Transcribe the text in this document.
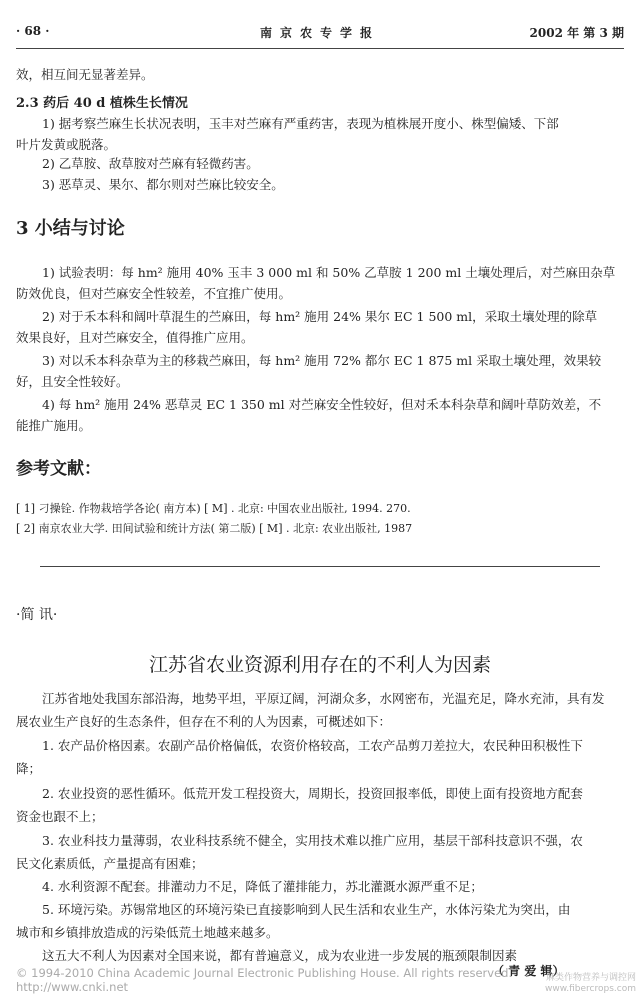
· 68 ·	南京农专学报	2002 年 第 3 期
效，相互间无显著差异。
2.3 药后 40 d 植株生长情况
1) 据考察苎麻生长状况表明，玉丰对苎麻有严重药害，表现为植株展开度小、株型偏矮、下部
叶片发黄或脱落。
2) 乙草胺、敌草胺对苎麻有轻微药害。
3) 恶草灵、果尔、都尔则对苎麻比较安全。
3 小结与讨论
1) 试验表明：每 hm² 施用 40% 玉丰 3 000 ml 和 50% 乙草胺 1 200 ml 土壤处理后，对苎麻田杂草
防效优良，但对苎麻安全性较差，不宜推广使用。
2) 对于禾本科和阔叶草混生的苎麻田，每 hm² 施用 24% 果尔 EC 1 500 ml，采取土壤处理的除草
效果良好，且对苎麻安全，值得推广应用。
3) 对以禾本科杂草为主的移栽苎麻田，每 hm² 施用 72% 都尔 EC 1 875 ml 采取土壤处理，效果较
好，且安全性较好。
4) 每 hm² 施用 24% 恶草灵 EC 1 350 ml 对苎麻安全性较好，但对禾本科杂草和阔叶草防效差，不
能推广施用。
参考文献：
[ 1] 刁操铨. 作物栽培学各论( 南方本) [ M] . 北京: 中国农业出版社, 1994. 270.
[ 2] 南京农业大学. 田间试验和统计方法( 第二版) [ M] . 北京: 农业出版社, 1987
·简 讯·
江苏省农业资源利用存在的不利人为因素
江苏省地处我国东部沿海，地势平坦，平原辽阔，河湖众多，水网密布，光温充足，降水充沛，具有发
展农业生产良好的生态条件，但存在不利的人为因素，可概述如下：
1. 农产品价格因素。农副产品价格偏低，农资价格较高，工农产品剪刀差拉大，农民种田积极性下
降；
2. 农业投资的恶性循环。低荒开发工程投资大，周期长，投资回报率低，即使上面有投资地方配套
资金也跟不上；
3. 农业科技力量薄弱，农业科技系统不健全，实用技术难以推广应用，基层干部科技意识不强，农
民文化素质低，产量提高有困难；
4. 水利资源不配套。排灌动力不足，降低了灌排能力，苏北灌溉水源严重不足；
5. 环境污染。苏锡常地区的环境污染已直接影响到人民生活和农业生产，水体污染尤为突出，由
城市和乡镇排放造成的污染低荒土地越来越多。
这五大不利人为因素对全国来说，都有普遍意义，成为农业进一步发展的瓶颈限制因素
（ 青 爱 辑）
© 1994-2010 China Academic Journal Electronic Publishing House. All rights reserved. http://www.cnki.net
麻类作物营养与调控网
www.fibercrops.com
